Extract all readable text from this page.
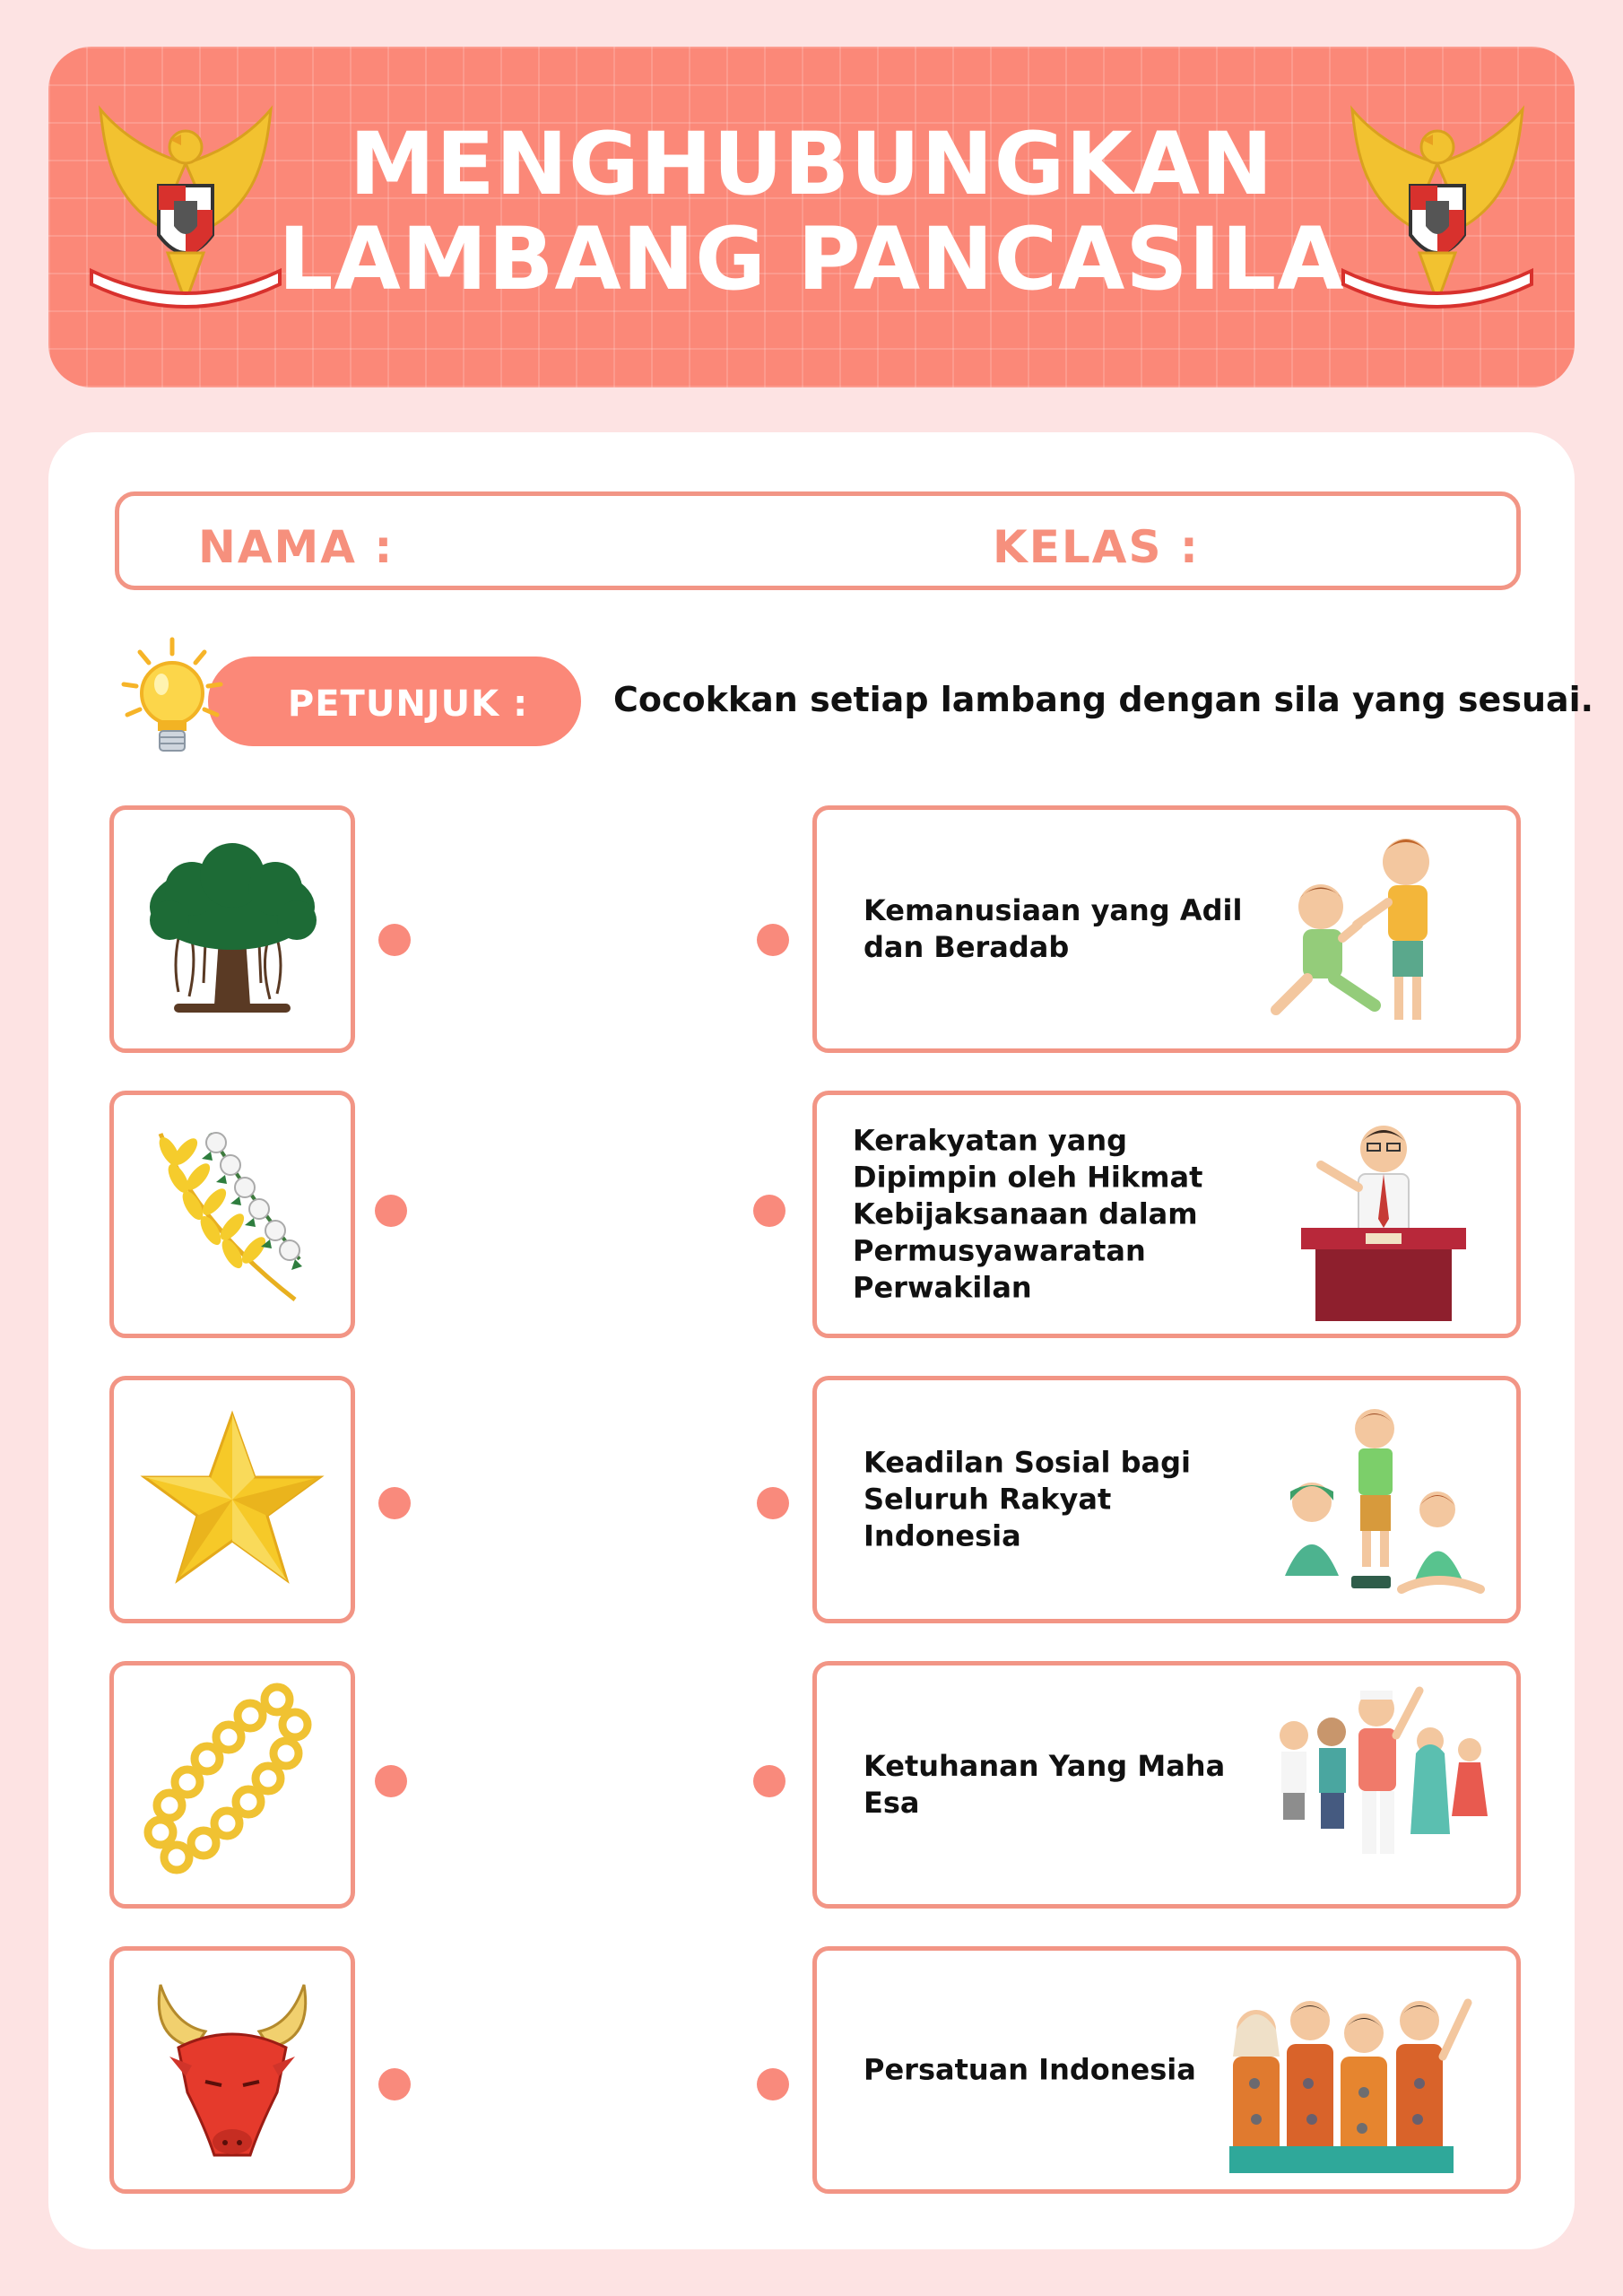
MENGHUBUNGKAN
LAMBANG PANCASILA
NAMA :	KELAS :
PETUNJUK :	Cocokkan setiap lambang dengan sila yang sesuai.
Kemanusiaan yang Adil dan Beradab
Kerakyatan yang Dipimpin oleh Hikmat Kebijaksanaan dalam Permusyawaratan Perwakilan
Keadilan Sosial bagi Seluruh Rakyat Indonesia
Ketuhanan Yang Maha Esa
Persatuan Indonesia
